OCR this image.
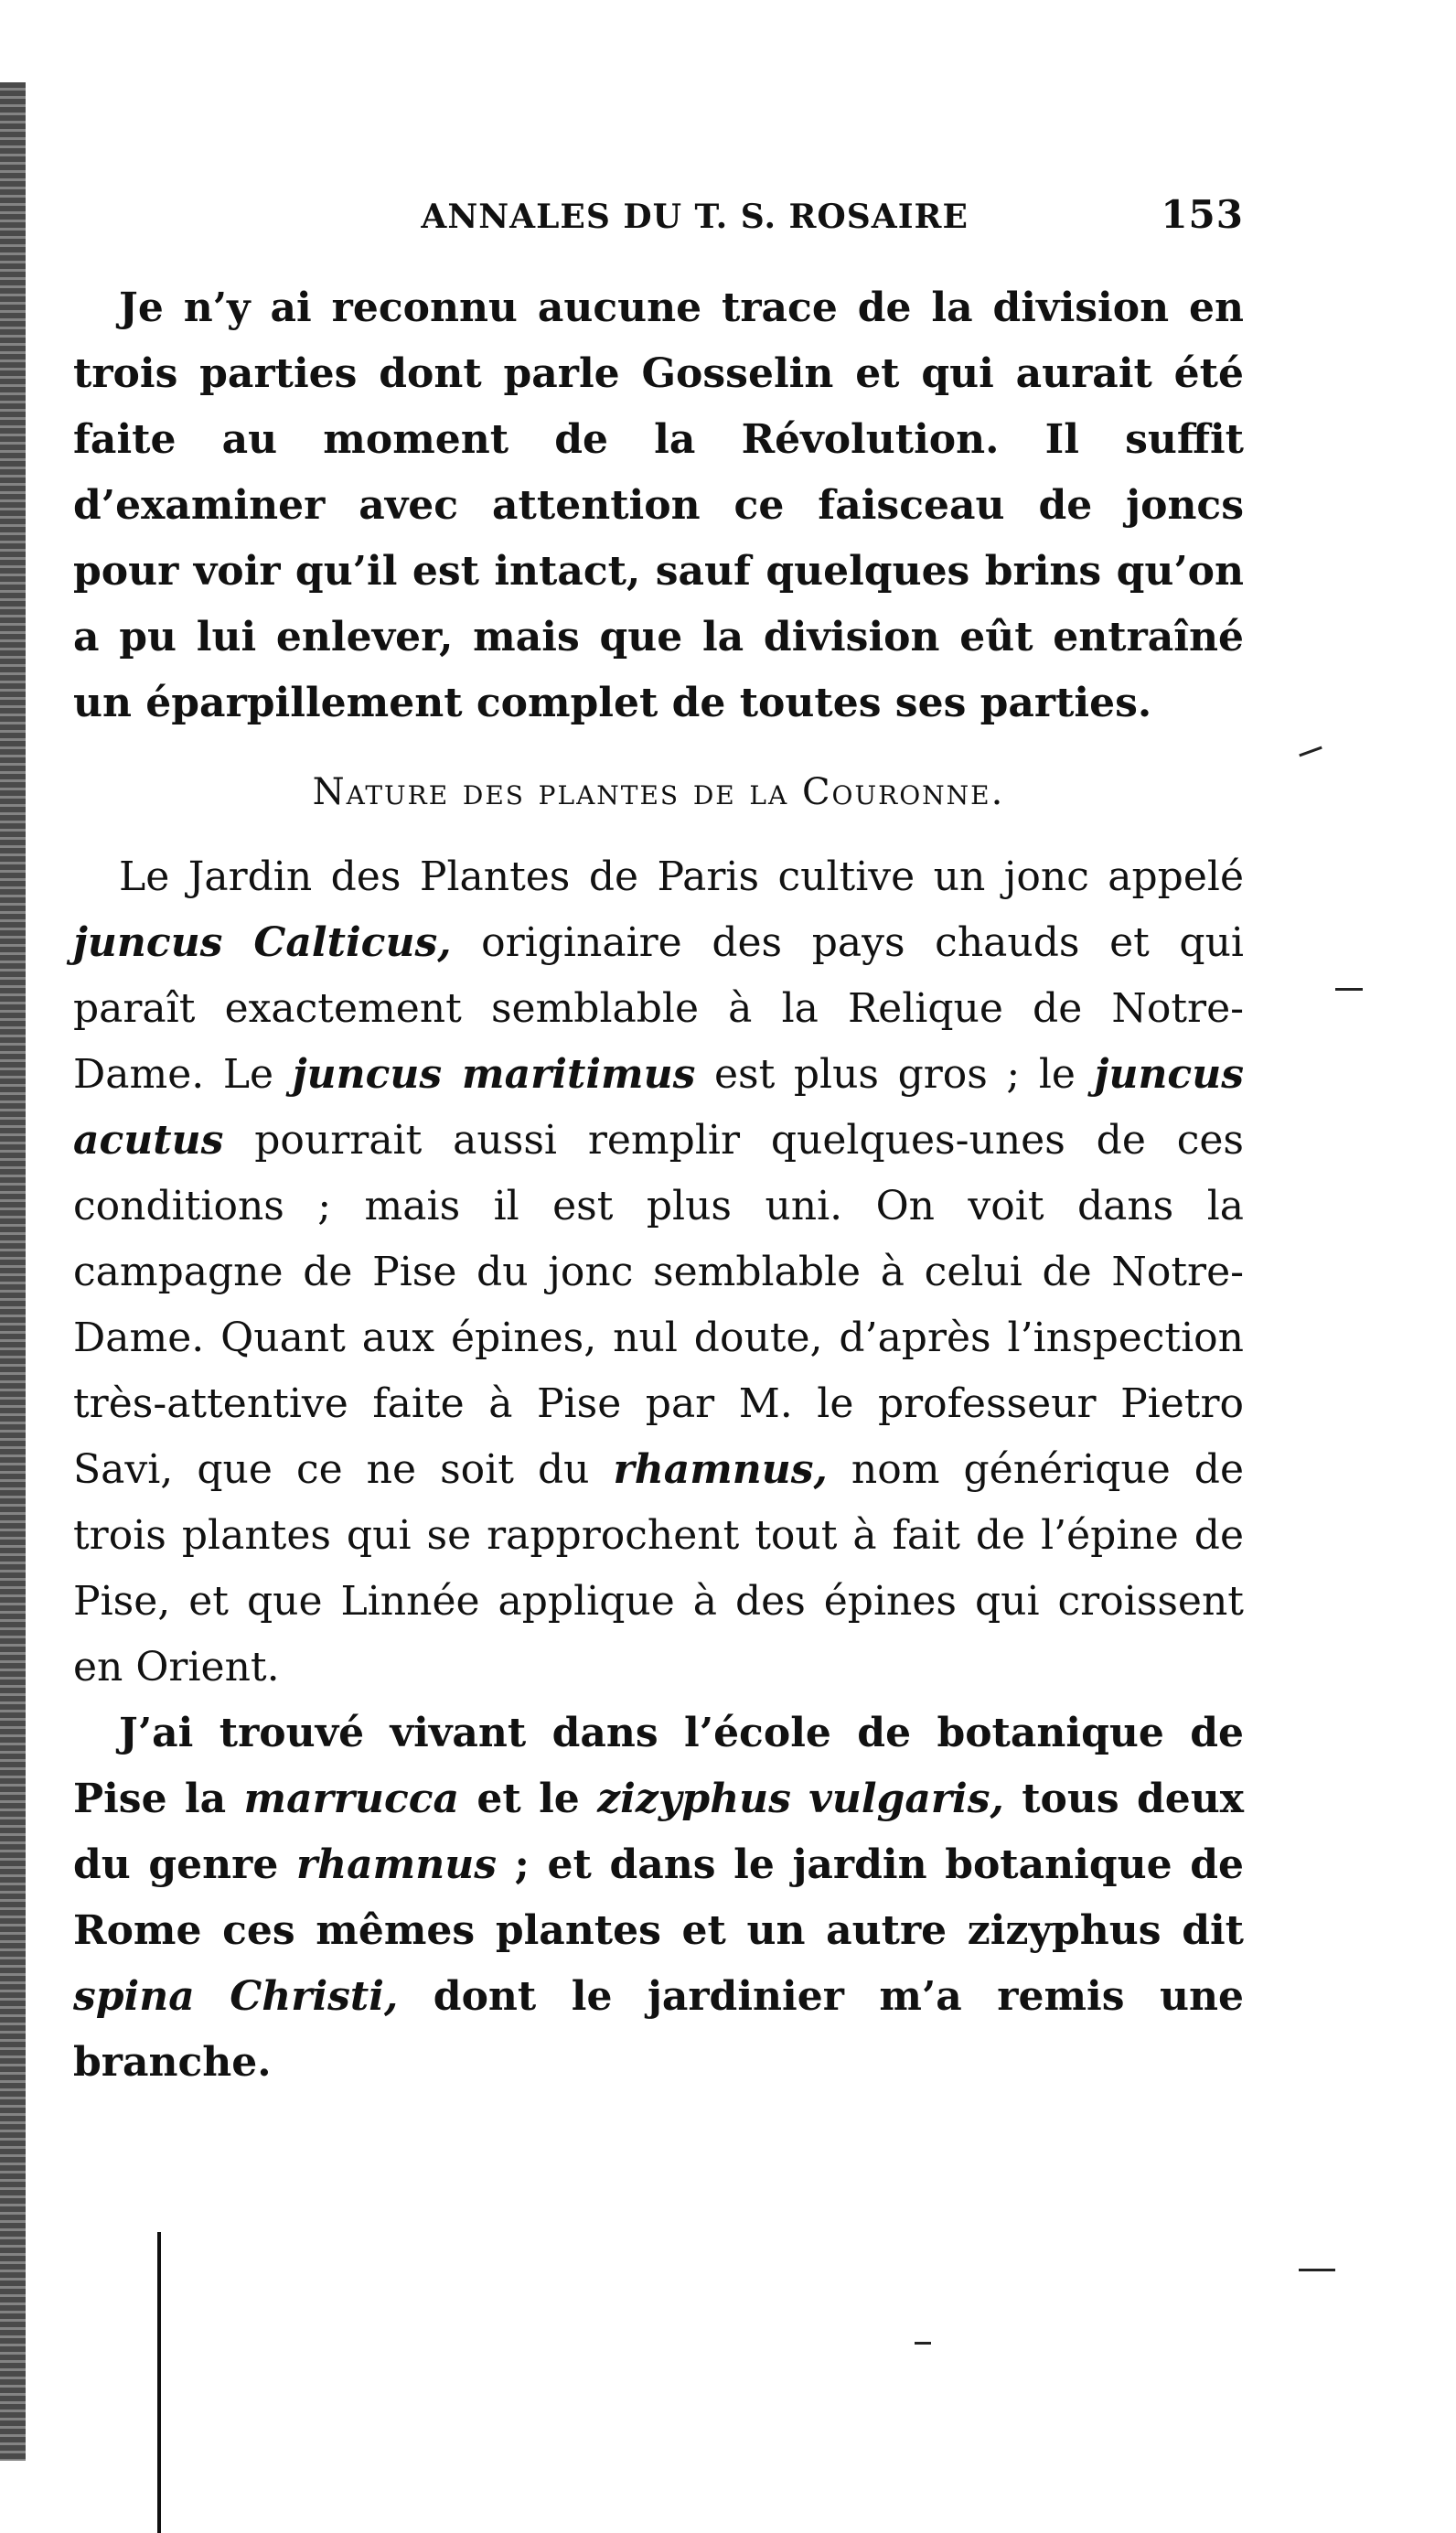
ANNALES DU T. S. ROSAIRE	153

Je n’y ai reconnu aucune trace de la division en trois parties dont parle Gosselin et qui aurait été faite au moment de la Révolution. Il suffit d’examiner avec attention ce faisceau de joncs pour voir qu’il est intact, sauf quelques brins qu’on a pu lui enlever, mais que la division eût entraîné un éparpillement complet de toutes ses parties.

Nature des plantes de la Couronne.

Le Jardin des Plantes de Paris cultive un jonc appelé juncus Calticus, originaire des pays chauds et qui paraît exactement semblable à la Relique de Notre-Dame. Le juncus maritimus est plus gros ; le juncus acutus pourrait aussi remplir quelques-unes de ces conditions ; mais il est plus uni. On voit dans la campagne de Pise du jonc semblable à celui de Notre-Dame. Quant aux épines, nul doute, d’après l’inspection très-attentive faite à Pise par M. le professeur Pietro Savi, que ce ne soit du rhamnus, nom générique de trois plantes qui se rapprochent tout à fait de l’épine de Pise, et que Linnée applique à des épines qui croissent en Orient.

J’ai trouvé vivant dans l’école de botanique de Pise la marrucca et le zizyphus vulgaris, tous deux du genre rhamnus ; et dans le jardin botanique de Rome ces mêmes plantes et un autre zizyphus dit spina Christi, dont le jardinier m’a remis une branche.
